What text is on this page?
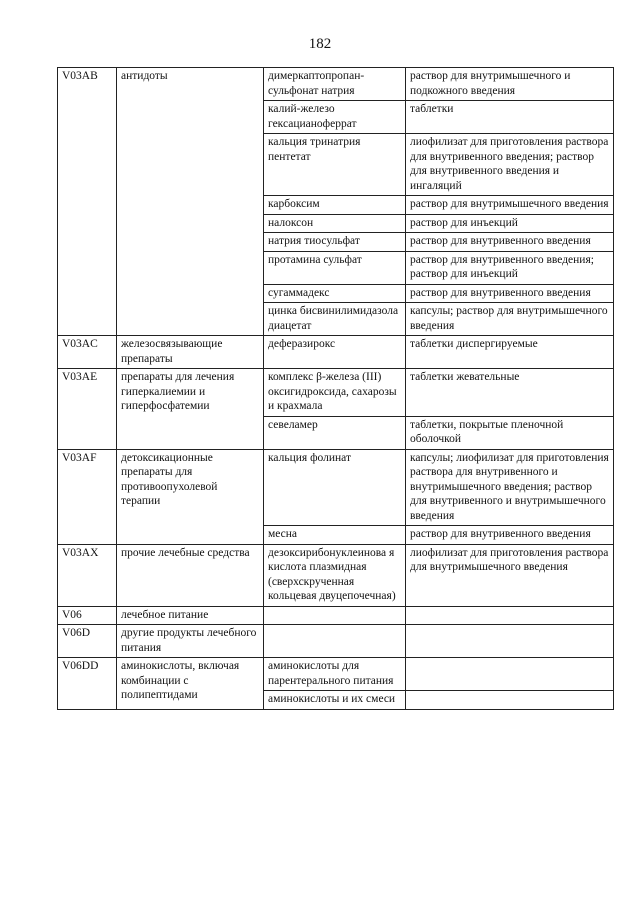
182
V03AB	антидоты	димеркаптопропан-сульфонат натрия	раствор для внутримышечного и подкожного введения
		калий-железо гексацианоферрат	таблетки
		кальция тринатрия пентетат	лиофилизат для приготовления раствора для внутривенного введения; раствор для внутривенного введения и ингаляций
		карбоксим	раствор для внутримышечного введения
		налоксон	раствор для инъекций
		натрия тиосульфат	раствор для внутривенного введения
		протамина сульфат	раствор для внутривенного введения;
раствор для инъекций
		сугаммадекс	раствор для внутривенного введения
		цинка бисвинилимидазола диацетат	капсулы; раствор для внутримышечного введения
V03AC	железосвязывающие препараты	деферазирокс	таблетки диспергируемые
V03AE	препараты для лечения гиперкалиемии и гиперфосфатемии	комплекс β-железа (III) оксигидроксида, сахарозы и крахмала	таблетки жевательные
		севеламер	таблетки, покрытые пленочной оболочкой
V03AF	детоксикационные препараты для противоопухолевой терапии	кальция фолинат	капсулы; лиофилизат для приготовления раствора для внутривенного и внутримышечного введения; раствор для внутривенного и внутримышечного введения
		месна	раствор для внутривенного введения
V03AX	прочие лечебные средства	дезоксирибонуклеинова я кислота плазмидная (сверхскрученная кольцевая двуцепочечная)	лиофилизат для приготовления раствора для внутримышечного введения
V06	лечебное питание		
V06D	другие продукты лечебного питания		
V06DD	аминокислоты, включая комбинации с полипептидами	аминокислоты для парентерального питания	
		аминокислоты и их смеси	
